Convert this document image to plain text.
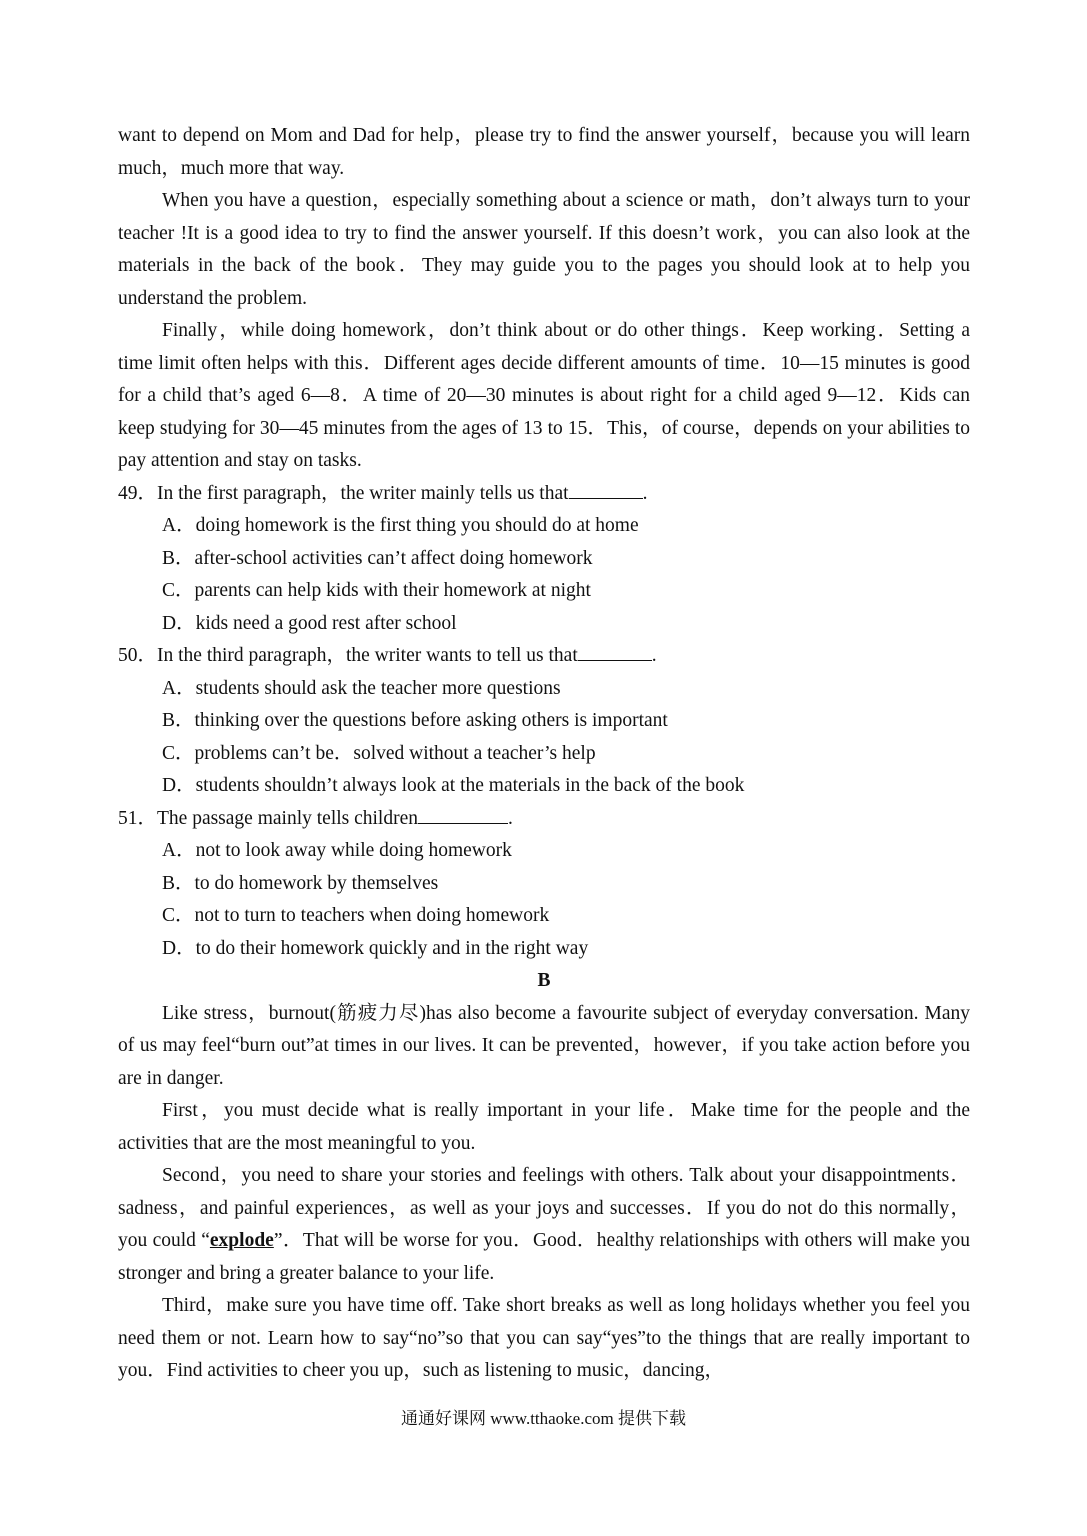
want to depend on Mom and Dad for help，please try to find the answer yourself，because you will learn much，much more that way.

When you have a question，especially something about a science or math，don’t always turn to your teacher !It is a good idea to try to find the answer yourself. If this doesn’t work，you can also look at the materials in the back of the book．They may guide you to the pages you should look at to help you understand the problem.

Finally，while doing homework，don’t think about or do other things．Keep working．Setting a time limit often helps with this．Different ages decide different amounts of time．10—15 minutes is good for a child that’s aged 6—8．A time of 20—30 minutes is about right for a child aged 9—12．Kids can keep studying for 30—45 minutes from the ages of 13 to 15．This，of course，depends on your abilities to pay attention and stay on tasks.

49．In the first paragraph，the writer mainly tells us that	.

A．doing homework is the first thing you should do at home

B．after-school activities can’t affect doing homework

C．parents can help kids with their homework at night

D．kids need a good rest after school

50．In the third paragraph，the writer wants to tell us that	.

A．students should ask the teacher more questions

B．thinking over the questions before asking others is important

C．problems can’t be．solved without a teacher’s help

D．students shouldn’t always look at the materials in the back of the book

51．The passage mainly tells children	.

A．not to look away while doing homework

B．to do homework by themselves

C．not to turn to teachers when doing homework

D．to do their homework quickly and in the right way

B

Like stress，burnout(筋疲力尽)has also become a favourite subject of everyday conversation. Many of us may feel“burn out”at times in our lives. It can be prevented，however，if you take action before you are in danger.

First，you must decide what is really important in your life．Make time for the people and the activities that are the most meaningful to you.

Second，you need to share your stories and feelings with others. Talk about your disappointments．sadness，and painful experiences，as well as your joys and successes．If you do not do this normally，you could “explode”．That will be worse for you．Good．healthy relationships with others will make you stronger and bring a greater balance to your life.

Third，make sure you have time off. Take short breaks as well as long holidays whether you feel you need them or not. Learn how to say“no”so that you can say“yes”to the things that are really important to you．Find activities to cheer you up，such as listening to music，dancing，

通通好课网 www.tthaoke.com 提供下载
